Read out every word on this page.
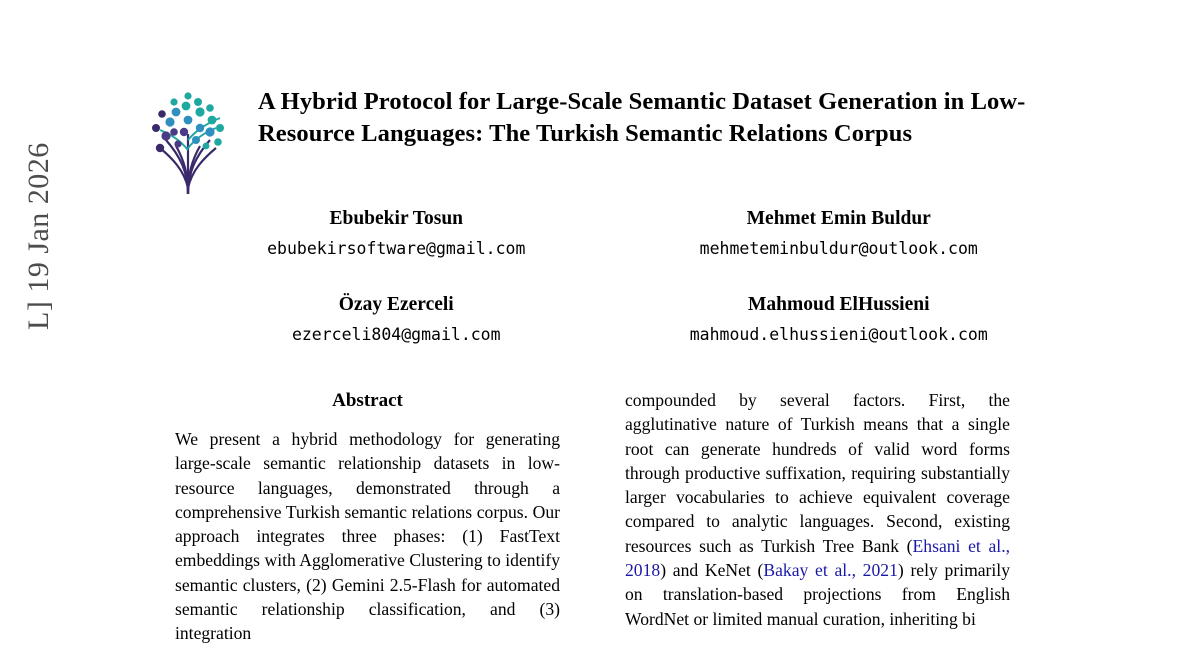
L] 19 Jan 2026
A Hybrid Protocol for Large-Scale Semantic Dataset Generation in Low-Resource Languages: The Turkish Semantic Relations Corpus
Ebubekir Tosun
ebubekirsoftware@gmail.com
Mehmet Emin Buldur
mehmeteminbuldur@outlook.com
Özay Ezerceli
ezerceli804@gmail.com
Mahmoud ElHussieni
mahmoud.elhussieni@outlook.com
Abstract

We present a hybrid methodology for generating large-scale semantic relationship datasets in low-resource languages, demonstrated through a comprehensive Turkish semantic relations corpus. Our approach integrates three phases: (1) FastText embeddings with Agglomerative Clustering to identify semantic clusters, (2) Gemini 2.5-Flash for automated semantic relationship classification, and (3) integration

compounded by several factors. First, the agglutinative nature of Turkish means that a single root can generate hundreds of valid word forms through productive suffixation, requiring substantially larger vocabularies to achieve equivalent coverage compared to analytic languages. Second, existing resources such as Turkish Tree Bank (Ehsani et al., 2018) and KeNet (Bakay et al., 2021) rely primarily on translation-based projections from English WordNet or limited manual curation, inheriting bi
